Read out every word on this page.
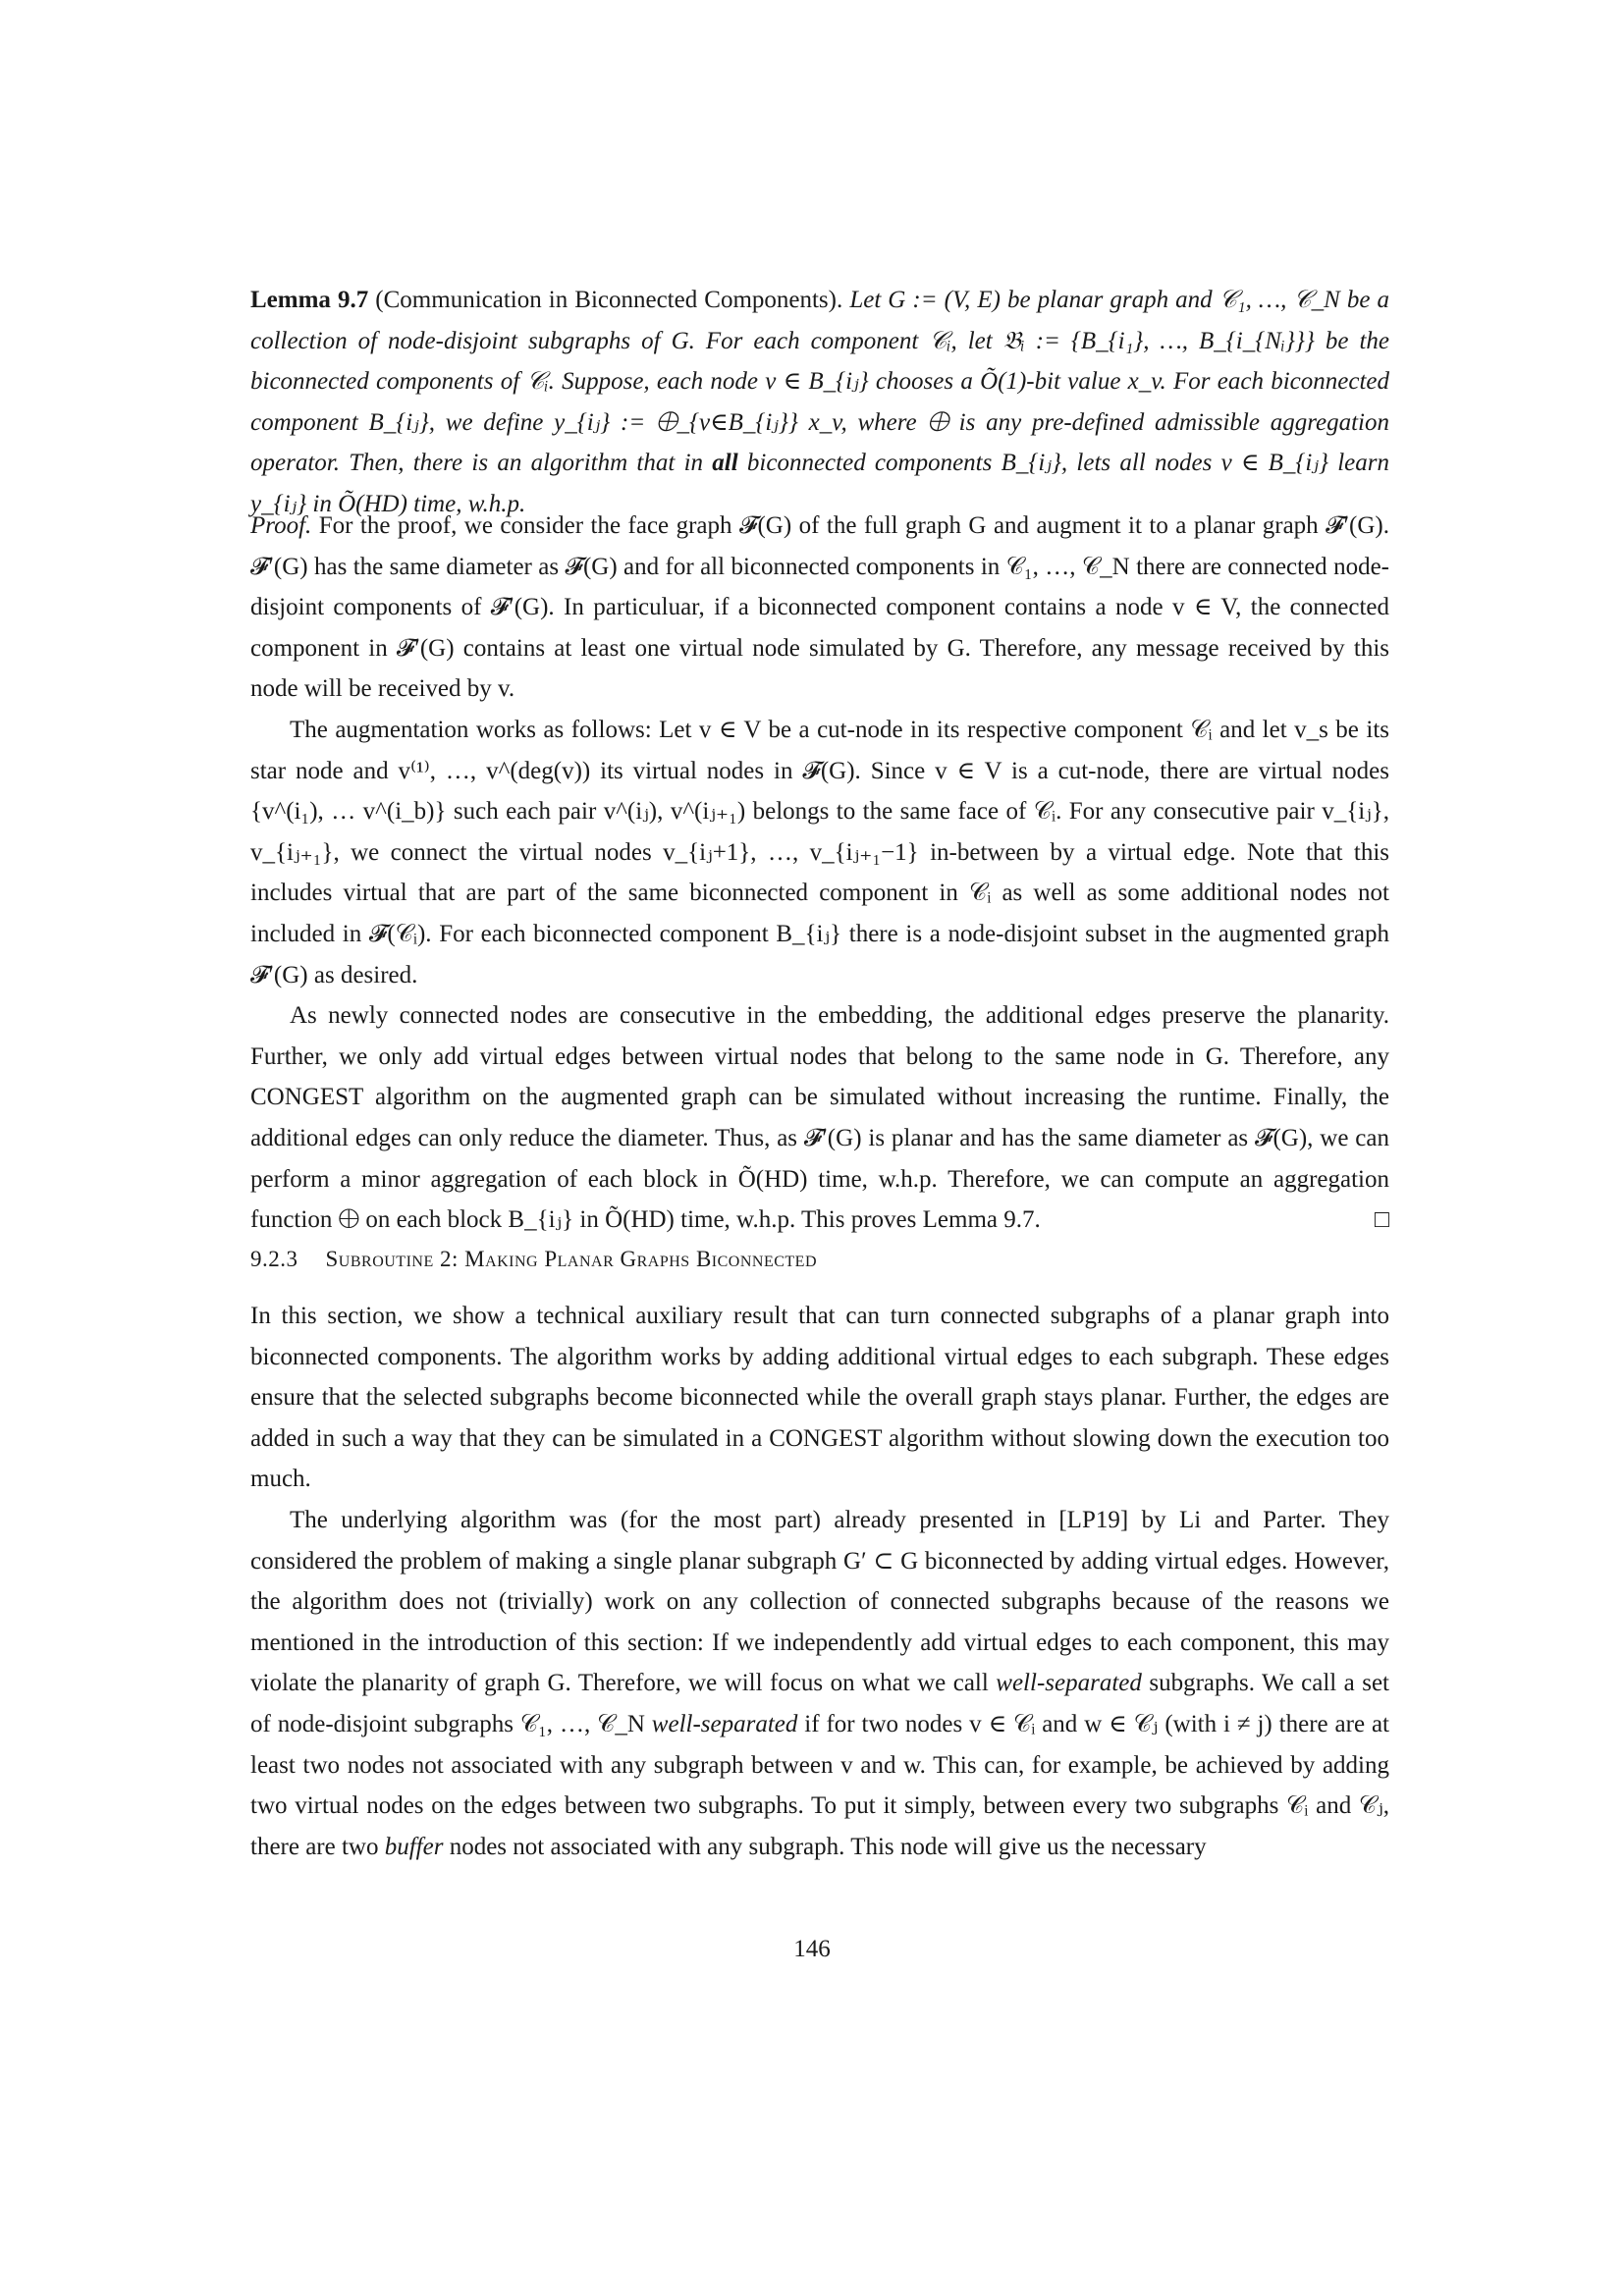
Lemma 9.7 (Communication in Biconnected Components). Let G := (V, E) be planar graph and 𝒞₁, …, 𝒞_N be a collection of node-disjoint subgraphs of G. For each component 𝒞ᵢ, let 𝔅ᵢ := {B_{i₁}, …, B_{i_{Nᵢ}}} be the biconnected components of 𝒞ᵢ. Suppose, each node v ∈ B_{iⱼ} chooses a Õ(1)-bit value x_v. For each biconnected component B_{iⱼ}, we define y_{iⱼ} := ⨁_{v∈B_{iⱼ}} x_v, where ⨁ is any pre-defined admissible aggregation operator. Then, there is an algorithm that in all biconnected components B_{iⱼ}, lets all nodes v ∈ B_{iⱼ} learn y_{iⱼ} in Õ(HD) time, w.h.p.

Proof. For the proof, we consider the face graph 𝓕(G) of the full graph G and augment it to a planar graph 𝓕′(G). 𝓕′(G) has the same diameter as 𝓕(G) and for all biconnected components in 𝒞₁, …, 𝒞_N there are connected node-disjoint components of 𝓕′(G). In particuluar, if a biconnected component contains a node v ∈ V, the connected component in 𝓕′(G) contains at least one virtual node simulated by G. Therefore, any message received by this node will be received by v.

The augmentation works as follows: Let v ∈ V be a cut-node in its respective component 𝒞ᵢ and let v_s be its star node and v⁽¹⁾, …, v^(deg(v)) its virtual nodes in 𝓕(G). Since v ∈ V is a cut-node, there are virtual nodes {v^(i₁), … v^(i_b)} such each pair v^(iⱼ), v^(iⱼ₊₁) belongs to the same face of 𝒞ᵢ. For any consecutive pair v_{iⱼ}, v_{iⱼ₊₁}, we connect the virtual nodes v_{iⱼ+1}, …, v_{iⱼ₊₁−1} in-between by a virtual edge. Note that this includes virtual that are part of the same biconnected component in 𝒞ᵢ as well as some additional nodes not included in 𝓕(𝒞ᵢ). For each biconnected component B_{iⱼ} there is a node-disjoint subset in the augmented graph 𝓕′(G) as desired.

As newly connected nodes are consecutive in the embedding, the additional edges preserve the planarity. Further, we only add virtual edges between virtual nodes that belong to the same node in G. Therefore, any CONGEST algorithm on the augmented graph can be simulated without increasing the runtime. Finally, the additional edges can only reduce the diameter. Thus, as 𝓕′(G) is planar and has the same diameter as 𝓕(G), we can perform a minor aggregation of each block in Õ(HD) time, w.h.p. Therefore, we can compute an aggregation function ⨁ on each block B_{iⱼ} in Õ(HD) time, w.h.p. This proves Lemma 9.7.	□

9.2.3 Subroutine 2: Making Planar Graphs Biconnected

In this section, we show a technical auxiliary result that can turn connected subgraphs of a planar graph into biconnected components. The algorithm works by adding additional virtual edges to each subgraph. These edges ensure that the selected subgraphs become biconnected while the overall graph stays planar. Further, the edges are added in such a way that they can be simulated in a CONGEST algorithm without slowing down the execution too much.

The underlying algorithm was (for the most part) already presented in [LP19] by Li and Parter. They considered the problem of making a single planar subgraph G′ ⊂ G biconnected by adding virtual edges. However, the algorithm does not (trivially) work on any collection of connected subgraphs because of the reasons we mentioned in the introduction of this section: If we independently add virtual edges to each component, this may violate the planarity of graph G. Therefore, we will focus on what we call well-separated subgraphs. We call a set of node-disjoint subgraphs 𝒞₁, …, 𝒞_N well-separated if for two nodes v ∈ 𝒞ᵢ and w ∈ 𝒞ⱼ (with i ≠ j) there are at least two nodes not associated with any subgraph between v and w. This can, for example, be achieved by adding two virtual nodes on the edges between two subgraphs. To put it simply, between every two subgraphs 𝒞ᵢ and 𝒞ⱼ, there are two buffer nodes not associated with any subgraph. This node will give us the necessary

146
